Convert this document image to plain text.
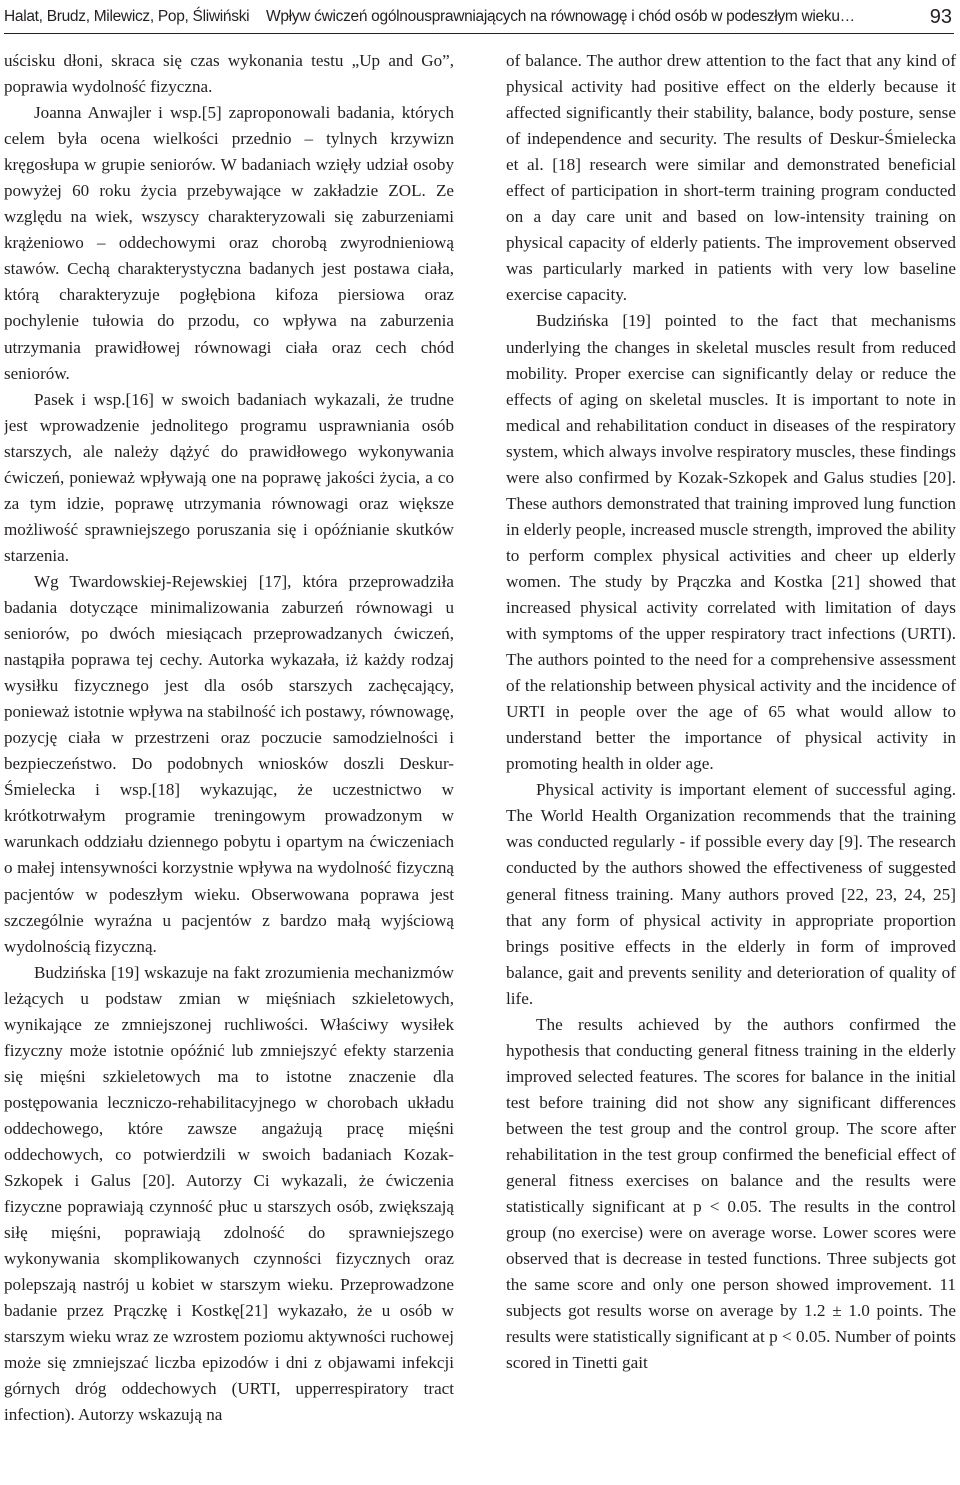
Halat, Brudz, Milewicz, Pop, Śliwiński Wpływ ćwiczeń ogólnousprawniających na równowagę i chód osób w podeszłym wieku…	93

uścisku dłoni, skraca się czas wykonania testu „Up and Go”, poprawia wydolność fizyczna.

Joanna Anwajler i wsp.[5] zaproponowali badania, których celem była ocena wielkości przednio – tylnych krzywizn kręgosłupa w grupie seniorów. W badaniach wzięły udział osoby powyżej 60 roku życia przebywające w zakładzie ZOL. Ze względu na wiek, wszyscy charakteryzowali się zaburzeniami krążeniowo – oddechowymi oraz chorobą zwyrodnieniową stawów. Cechą charakterystyczna badanych jest postawa ciała, którą charakteryzuje pogłębiona kifoza piersiowa oraz pochylenie tułowia do przodu, co wpływa na zaburzenia utrzymania prawidłowej równowagi ciała oraz cech chód seniorów.

Pasek i wsp.[16] w swoich badaniach wykazali, że trudne jest wprowadzenie jednolitego programu usprawniania osób starszych, ale należy dążyć do prawidłowego wykonywania ćwiczeń, ponieważ wpływają one na poprawę jakości życia, a co za tym idzie, poprawę utrzymania równowagi oraz większe możliwość sprawniejszego poruszania się i opóźnianie skutków starzenia.

Wg Twardowskiej-Rejewskiej [17], która przeprowadziła badania dotyczące minimalizowania zaburzeń równowagi u seniorów, po dwóch miesiącach przeprowadzanych ćwiczeń, nastąpiła poprawa tej cechy. Autorka wykazała, iż każdy rodzaj wysiłku fizycznego jest dla osób starszych zachęcający, ponieważ istotnie wpływa na stabilność ich postawy, równowagę, pozycję ciała w przestrzeni oraz poczucie samodzielności i bezpieczeństwo. Do podobnych wniosków doszli Deskur-Śmielecka i wsp.[18] wykazując, że uczestnictwo w krótkotrwałym programie treningowym prowadzonym w warunkach oddziału dziennego pobytu i opartym na ćwiczeniach o małej intensywności korzystnie wpływa na wydolność fizyczną pacjentów w podeszłym wieku. Obserwowana poprawa jest szczególnie wyraźna u pacjentów z bardzo małą wyjściową wydolnością fizyczną.

Budzińska [19] wskazuje na fakt zrozumienia mechanizmów leżących u podstaw zmian w mięśniach szkieletowych, wynikające ze zmniejszonej ruchliwości. Właściwy wysiłek fizyczny może istotnie opóźnić lub zmniejszyć efekty starzenia się mięśni szkieletowych ma to istotne znaczenie dla postępowania leczniczo-rehabilitacyjnego w chorobach układu oddechowego, które zawsze angażują pracę mięśni oddechowych, co potwierdzili w swoich badaniach Kozak-Szkopek i Galus [20]. Autorzy Ci wykazali, że ćwiczenia fizyczne poprawiają czynność płuc u starszych osób, zwiększają siłę mięśni, poprawiają zdolność do sprawniejszego wykonywania skomplikowanych czynności fizycznych oraz polepszają nastrój u kobiet w starszym wieku. Przeprowadzone badanie przez Prączkę i Kostkę[21] wykazało, że u osób w starszym wieku wraz ze wzrostem poziomu aktywności ruchowej może się zmniejszać liczba epizodów i dni z objawami infekcji górnych dróg oddechowych (URTI, upperrespiratory tract infection). Autorzy wskazują na

of balance. The author drew attention to the fact that any kind of physical activity had positive effect on the elderly because it affected significantly their stability, balance, body posture, sense of independence and security. The results of Deskur-Śmielecka et al. [18] research were similar and demonstrated beneficial effect of participation in short-term training program conducted on a day care unit and based on low-intensity training on physical capacity of elderly patients. The improvement observed was particularly marked in patients with very low baseline exercise capacity.

Budzińska [19] pointed to the fact that mechanisms underlying the changes in skeletal muscles result from reduced mobility. Proper exercise can significantly delay or reduce the effects of aging on skeletal muscles. It is important to note in medical and rehabilitation conduct in diseases of the respiratory system, which always involve respiratory muscles, these findings were also confirmed by Kozak-Szkopek and Galus studies [20]. These authors demonstrated that training improved lung function in elderly people, increased muscle strength, improved the ability to perform complex physical activities and cheer up elderly women. The study by Prączka and Kostka [21] showed that increased physical activity correlated with limitation of days with symptoms of the upper respiratory tract infections (URTI). The authors pointed to the need for a comprehensive assessment of the relationship between physical activity and the incidence of URTI in people over the age of 65 what would allow to understand better the importance of physical activity in promoting health in older age.

Physical activity is important element of successful aging. The World Health Organization recommends that the training was conducted regularly - if possible every day [9]. The research conducted by the authors showed the effectiveness of suggested general fitness training. Many authors proved [22, 23, 24, 25] that any form of physical activity in appropriate proportion brings positive effects in the elderly in form of improved balance, gait and prevents senility and deterioration of quality of life.

The results achieved by the authors confirmed the hypothesis that conducting general fitness training in the elderly improved selected features. The scores for balance in the initial test before training did not show any significant differences between the test group and the control group. The score after rehabilitation in the test group confirmed the beneficial effect of general fitness exercises on balance and the results were statistically significant at p < 0.05. The results in the control group (no exercise) were on average worse. Lower scores were observed that is decrease in tested functions. Three subjects got the same score and only one person showed improvement. 11 subjects got results worse on average by 1.2 ± 1.0 points. The results were statistically significant at p < 0.05. Number of points scored in Tinetti gait
